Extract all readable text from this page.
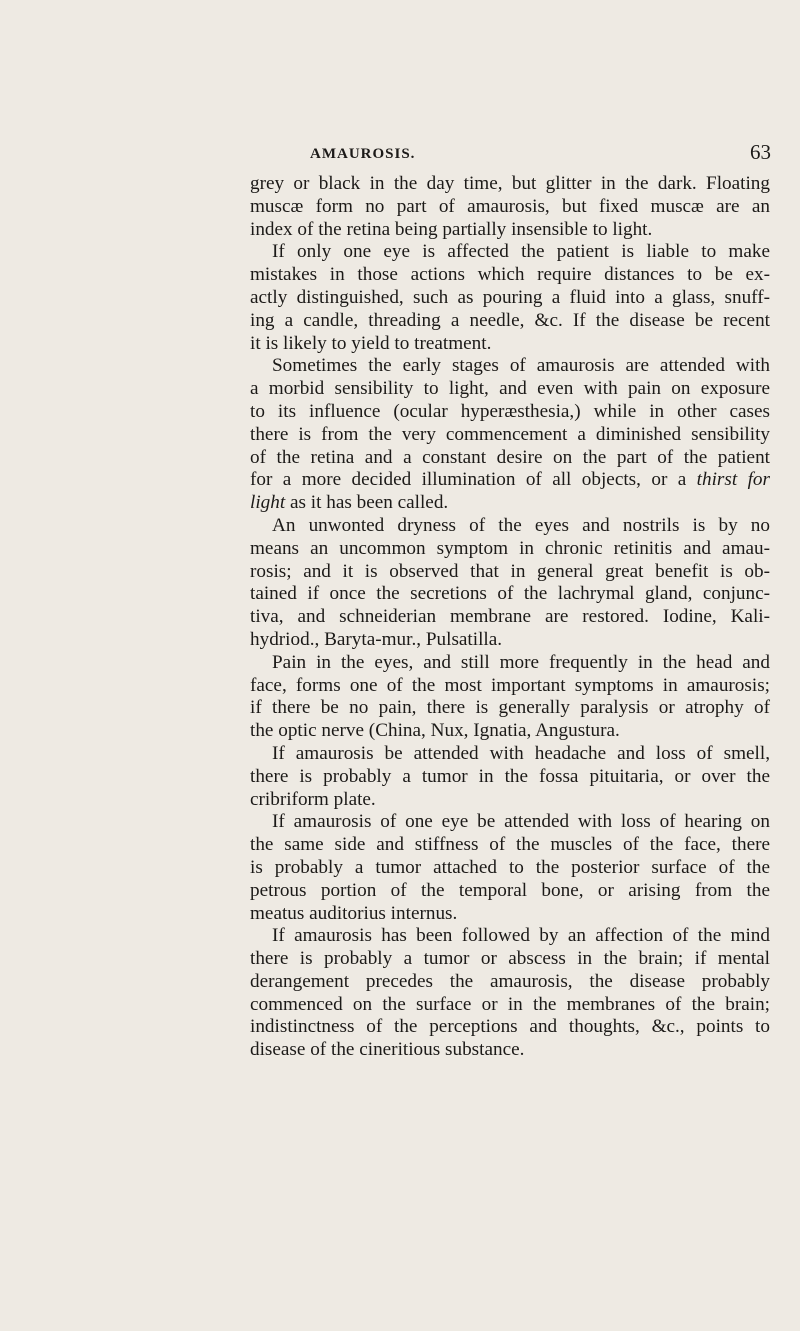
AMAUROSIS.	63
grey or black in the day time, but glitter in the dark. Floating
muscæ form no part of amaurosis, but fixed muscæ are an
index of the retina being partially insensible to light.
If only one eye is affected the patient is liable to make
mistakes in those actions which require distances to be ex-
actly distinguished, such as pouring a fluid into a glass, snuff-
ing a candle, threading a needle, &c. If the disease be recent
it is likely to yield to treatment.
Sometimes the early stages of amaurosis are attended with
a morbid sensibility to light, and even with pain on exposure
to its influence (ocular hyperæsthesia,) while in other cases
there is from the very commencement a diminished sensibility
of the retina and a constant desire on the part of the patient
for a more decided illumination of all objects, or a thirst for
light as it has been called.
An unwonted dryness of the eyes and nostrils is by no
means an uncommon symptom in chronic retinitis and amau-
rosis; and it is observed that in general great benefit is ob-
tained if once the secretions of the lachrymal gland, conjunc-
tiva, and schneiderian membrane are restored. Iodine, Kali-
hydriod., Baryta-mur., Pulsatilla.
Pain in the eyes, and still more frequently in the head and
face, forms one of the most important symptoms in amaurosis;
if there be no pain, there is generally paralysis or atrophy of
the optic nerve (China, Nux, Ignatia, Angustura.
If amaurosis be attended with headache and loss of smell,
there is probably a tumor in the fossa pituitaria, or over the
cribriform plate.
If amaurosis of one eye be attended with loss of hearing on
the same side and stiffness of the muscles of the face, there
is probably a tumor attached to the posterior surface of the
petrous portion of the temporal bone, or arising from the
meatus auditorius internus.
If amaurosis has been followed by an affection of the mind
there is probably a tumor or abscess in the brain; if mental
derangement precedes the amaurosis, the disease probably
commenced on the surface or in the membranes of the brain;
indistinctness of the perceptions and thoughts, &c., points to
disease of the cineritious substance.
